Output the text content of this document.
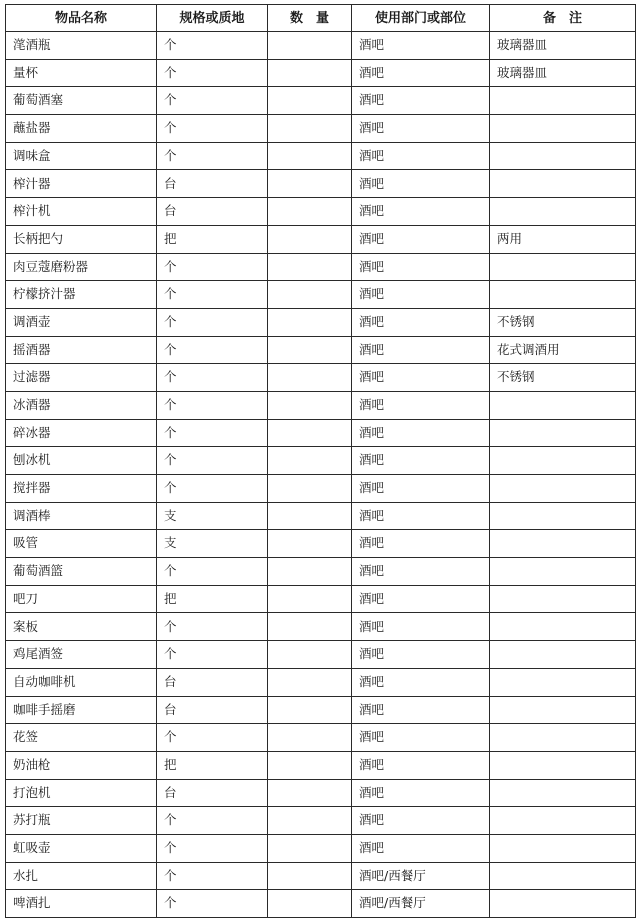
物品名称	规格或质地	数　量	使用部门或部位	备　注
滗酒瓶	个		酒吧	玻璃器皿
量杯	个		酒吧	玻璃器皿
葡萄酒塞	个		酒吧	
蘸盐器	个		酒吧	
调味盒	个		酒吧	
榨汁器	台		酒吧	
榨汁机	台		酒吧	
长柄把勺	把		酒吧	两用
肉豆蔻磨粉器	个		酒吧	
柠檬挤汁器	个		酒吧	
调酒壶	个		酒吧	不锈钢
摇酒器	个		酒吧	花式调酒用
过滤器	个		酒吧	不锈钢
冰酒器	个		酒吧	
碎冰器	个		酒吧	
刨冰机	个		酒吧	
搅拌器	个		酒吧	
调酒棒	支		酒吧	
吸管	支		酒吧	
葡萄酒篮	个		酒吧	
吧刀	把		酒吧	
案板	个		酒吧	
鸡尾酒签	个		酒吧	
自动咖啡机	台		酒吧	
咖啡手摇磨	台		酒吧	
花签	个		酒吧	
奶油枪	把		酒吧	
打泡机	台		酒吧	
苏打瓶	个		酒吧	
虹吸壶	个		酒吧	
水扎	个		酒吧/西餐厅	
啤酒扎	个		酒吧/西餐厅	
